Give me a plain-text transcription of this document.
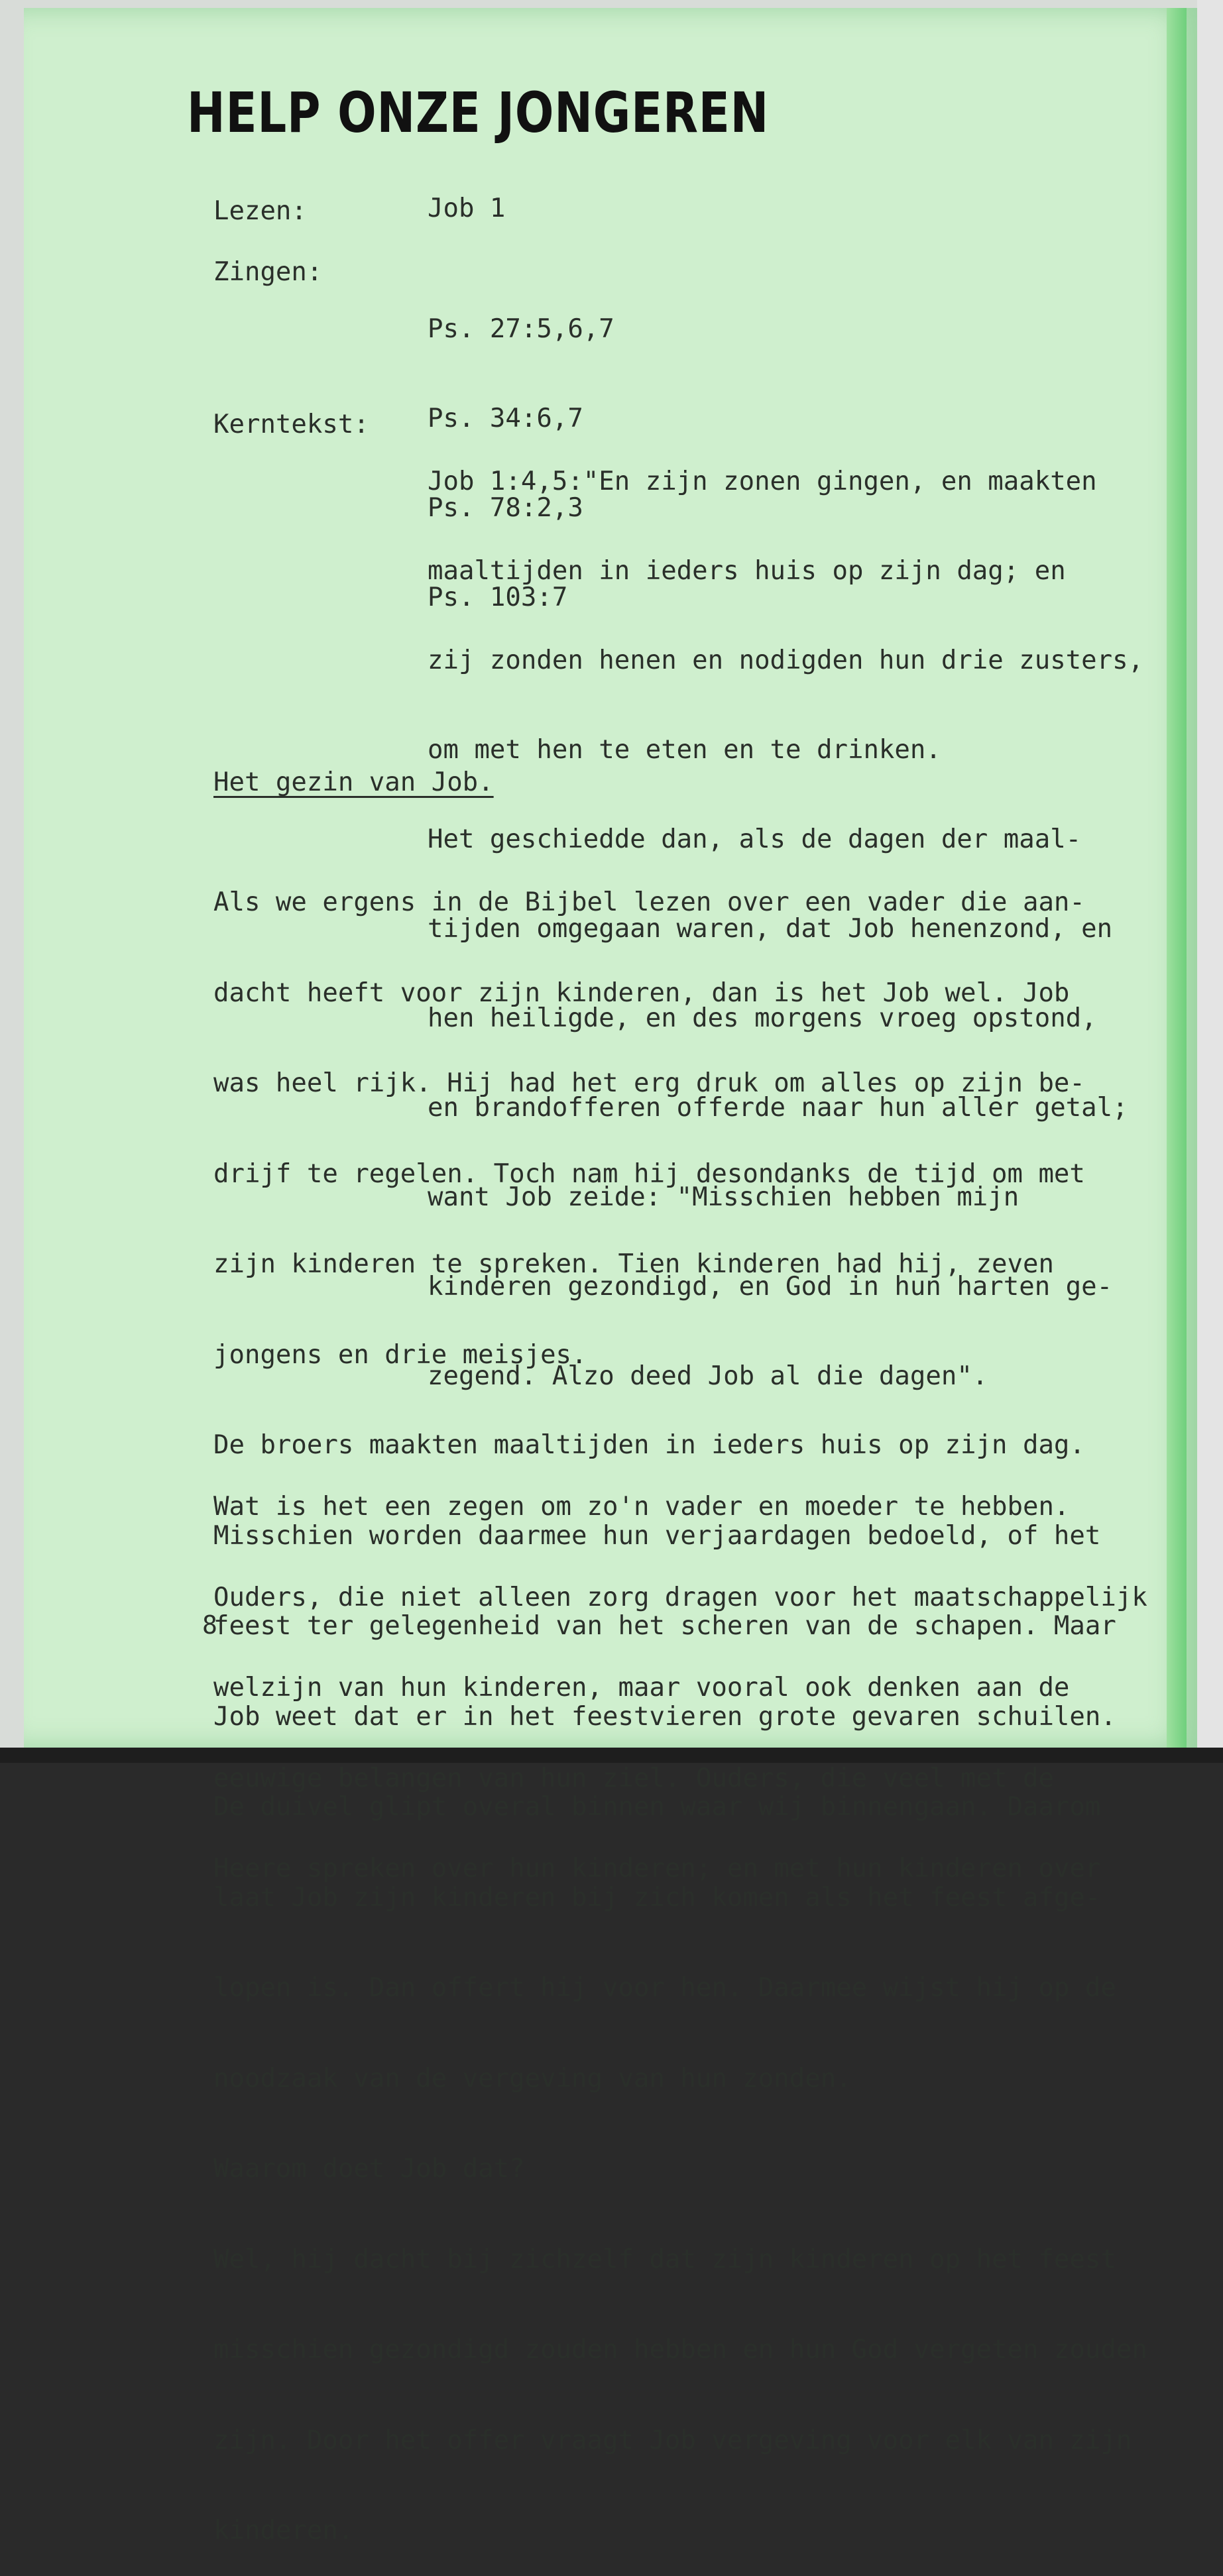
HELP ONZE JONGEREN
Lezen:	Job 1
Zingen:

Ps. 27:5,6,7

Ps. 34:6,7

Ps. 78:2,3

Ps. 103:7

Kerntekst:

Job 1:4,5:"En zijn zonen gingen, en maakten

maaltijden in ieders huis op zijn dag; en

zij zonden henen en nodigden hun drie zusters,

om met hen te eten en te drinken.

Het geschiedde dan, als de dagen der maal-

tijden omgegaan waren, dat Job henenzond, en

hen heiligde, en des morgens vroeg opstond,

en brandofferen offerde naar hun aller getal;

want Job zeide: "Misschien hebben mijn

kinderen gezondigd, en God in hun harten ge-

zegend. Alzo deed Job al die dagen".

Het gezin van Job.

Als we ergens in de Bijbel lezen over een vader die aan-

dacht heeft voor zijn kinderen, dan is het Job wel. Job

was heel rijk. Hij had het erg druk om alles op zijn be-

drijf te regelen. Toch nam hij desondanks de tijd om met

zijn kinderen te spreken. Tien kinderen had hij, zeven

jongens en drie meisjes.

De broers maakten maaltijden in ieders huis op zijn dag.

Misschien worden daarmee hun verjaardagen bedoeld, of het

feest ter gelegenheid van het scheren van de schapen. Maar

Job weet dat er in het feestvieren grote gevaren schuilen.

De duivel glipt overal binnen waar wij binnengaan. Daarom

laat Job zijn kinderen bij zich komen als het feest afge-

lopen is. Dan offert hij voor hen. Daarmee wijst hij op de

noodzaak van de vergeving van hun zonden.

Waarom doet Job dat?

Wel, hij dacht bij zichzelf dat zijn kinderen op het feest

misschien gezondigd zouden hebben en hun God vergeten zouden

zijn. Door het offer vraagt Job vergeving voor elk van zijn

kinderen.

Wat is het een zegen om zo'n vader en moeder te hebben.

Ouders, die niet alleen zorg dragen voor het maatschappelijk

welzijn van hun kinderen, maar vooral ook denken aan de

eeuwige belangen van hun ziel. Ouders, die veel met de

Heere spreken over hun kinderen; en met hun kinderen over

8
